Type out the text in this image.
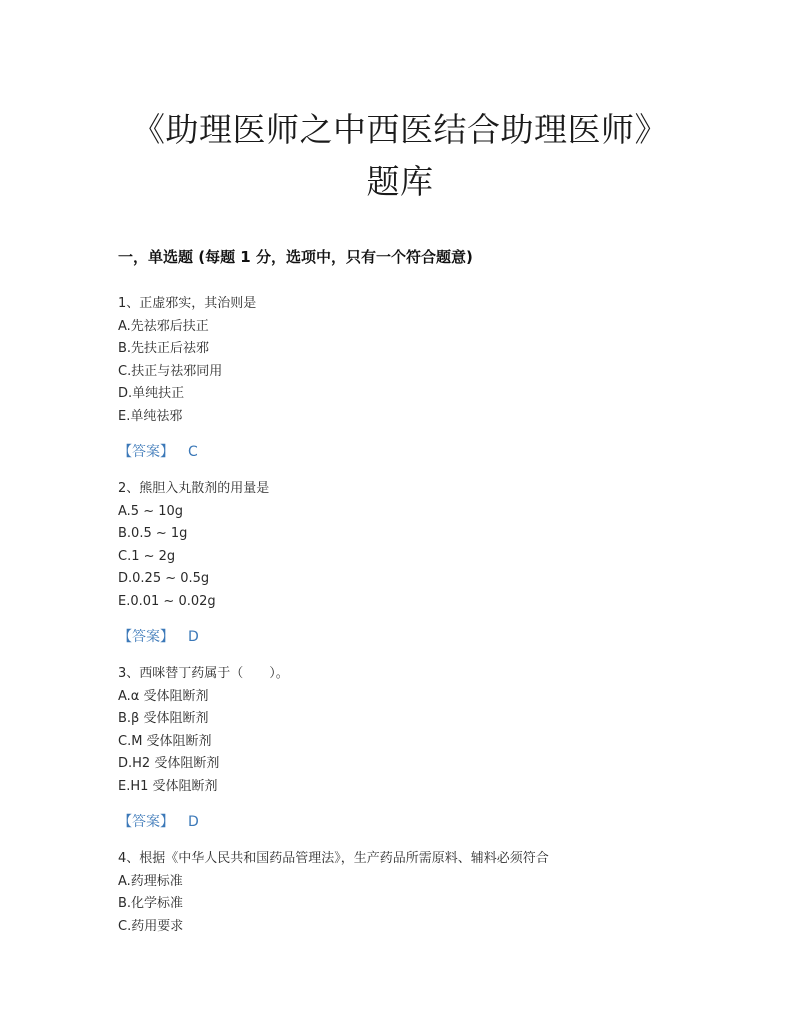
《助理医师之中西医结合助理医师》
题库
一，单选题 (每题 1 分，选项中，只有一个符合题意)
1、正虚邪实，其治则是
A.先祛邪后扶正
B.先扶正后祛邪
C.扶正与祛邪同用
D.单纯扶正
E.单纯祛邪
【答案】 C
2、熊胆入丸散剂的用量是
A.5 ~ 10g
B.0.5 ~ 1g
C.1 ~ 2g
D.0.25 ~ 0.5g
E.0.01 ~ 0.02g
【答案】 D
3、西咪替丁药属于（　　）。
A.α 受体阻断剂
B.β 受体阻断剂
C.M 受体阻断剂
D.H2 受体阻断剂
E.H1 受体阻断剂
【答案】 D
4、根据《中华人民共和国药品管理法》，生产药品所需原料、辅料必须符合
A.药理标准
B.化学标准
C.药用要求
